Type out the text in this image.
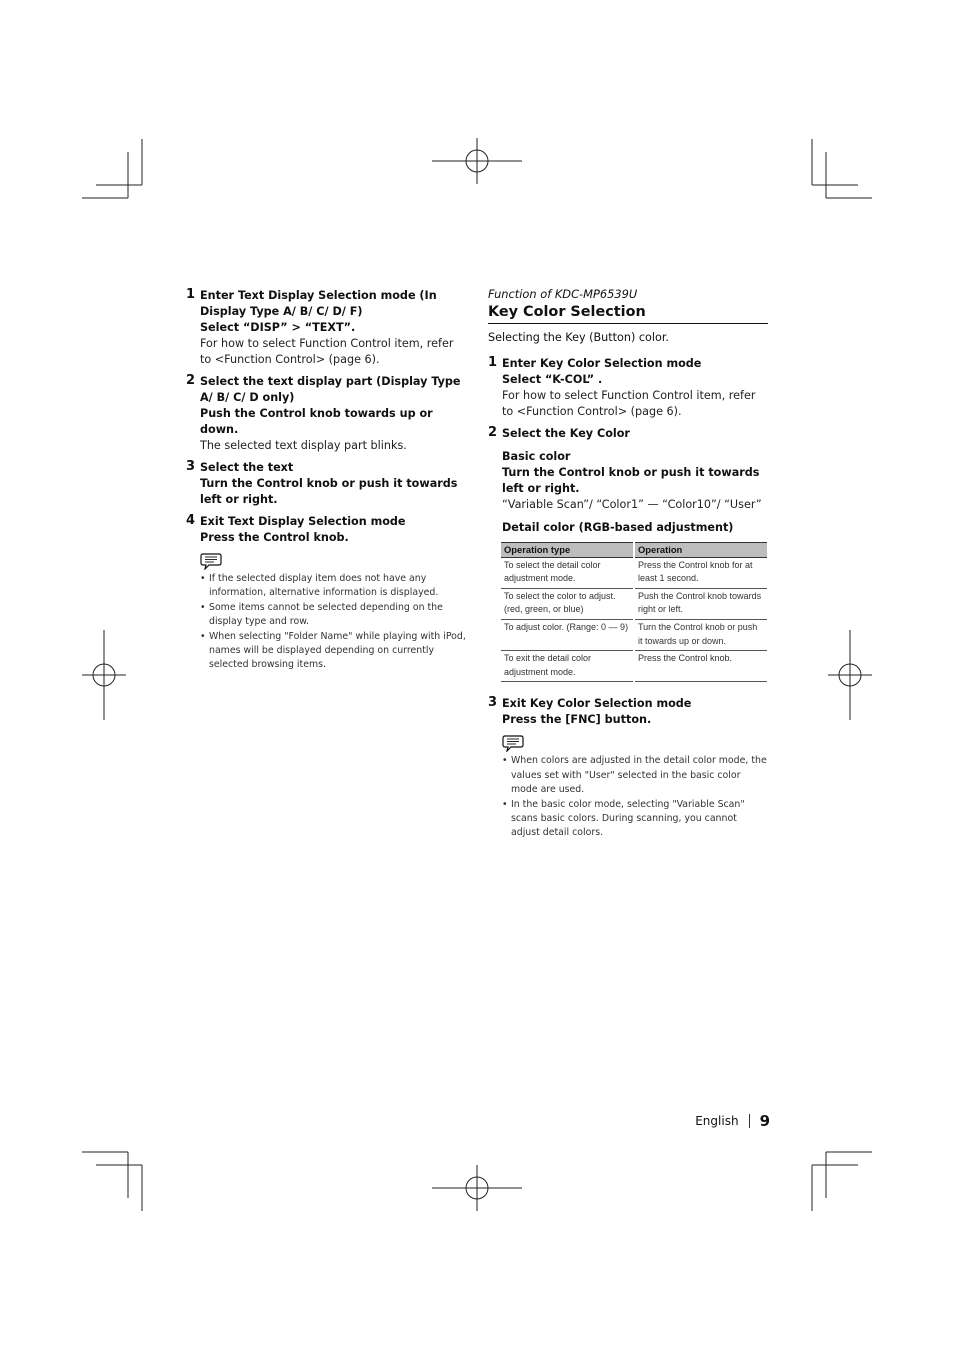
1 Enter Text Display Selection mode (In Display Type A/ B/ C/ D/ F)
Select “DISP” > “TEXT”.
For how to select Function Control item, refer to <Function Control> (page 6).
2 Select the text display part (Display Type A/ B/ C/ D only)
Push the Control knob towards up or down.
The selected text display part blinks.
3 Select the text
Turn the Control knob or push it towards left or right.
4 Exit Text Display Selection mode
Press the Control knob.
• If the selected display item does not have any information, alternative information is displayed.
• Some items cannot be selected depending on the display type and row.
• When selecting "Folder Name" while playing with iPod, names will be displayed depending on currently selected browsing items.
Function of KDC-MP6539U
Key Color Selection
Selecting the Key (Button) color.
1 Enter Key Color Selection mode
Select “K-COL” .
For how to select Function Control item, refer to <Function Control> (page 6).
2 Select the Key Color
Basic color
Turn the Control knob or push it towards left or right.
“Variable Scan”/ “Color1” — “Color10”/ “User”
Detail color (RGB-based adjustment)
Operation type	Operation
To select the detail color adjustment mode.	Press the Control knob for at least 1 second.
To select the color to adjust. (red, green, or blue)	Push the Control knob towards right or left.
To adjust color. (Range: 0 — 9)	Turn the Control knob or push it towards up or down.
To exit the detail color adjustment mode.	Press the Control knob.
3 Exit Key Color Selection mode
Press the [FNC] button.
• When colors are adjusted in the detail color mode, the values set with "User" selected in the basic color mode are used.
• In the basic color mode, selecting "Variable Scan" scans basic colors. During scanning, you cannot adjust detail colors.
English 9
